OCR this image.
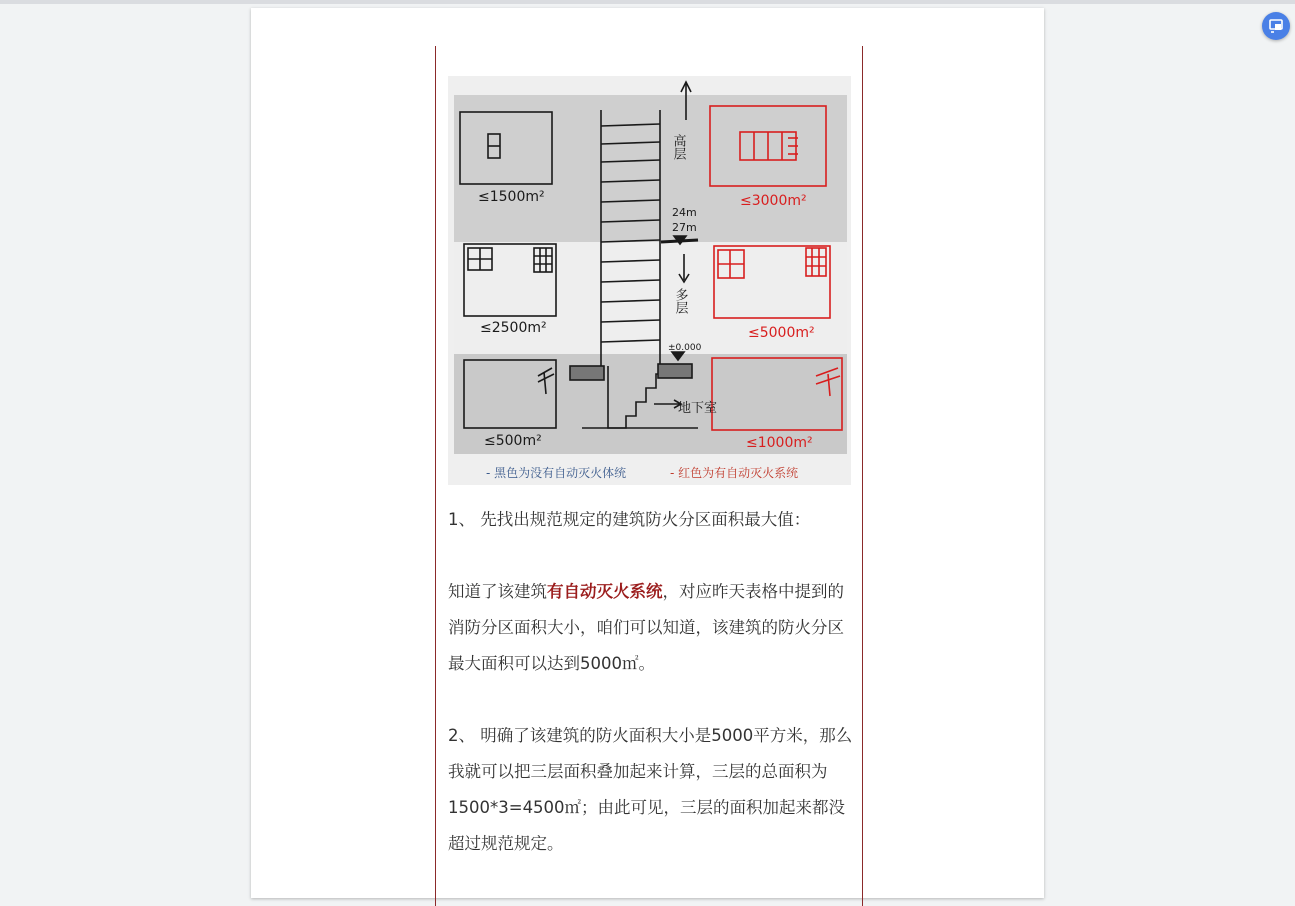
≤1500m²
≤2500m²
≤500m²
24m
27m
±0.000
地下室
高层
多层
≤3000m²
≤5000m²
≤1000m²
- 黑色为没有自动灭火体统	- 红色为有自动灭火系统
1、 先找出规范规定的建筑防火分区面积最大值：
知道了该建筑有自动灭火系统，对应昨天表格中提到的消防分区面积大小，咱们可以知道，该建筑的防火分区最大面积可以达到5000㎡。
2、 明确了该建筑的防火面积大小是5000平方米，那么我就可以把三层面积叠加起来计算，三层的总面积为1500*3=4500㎡；由此可见，三层的面积加起来都没超过规范规定。
